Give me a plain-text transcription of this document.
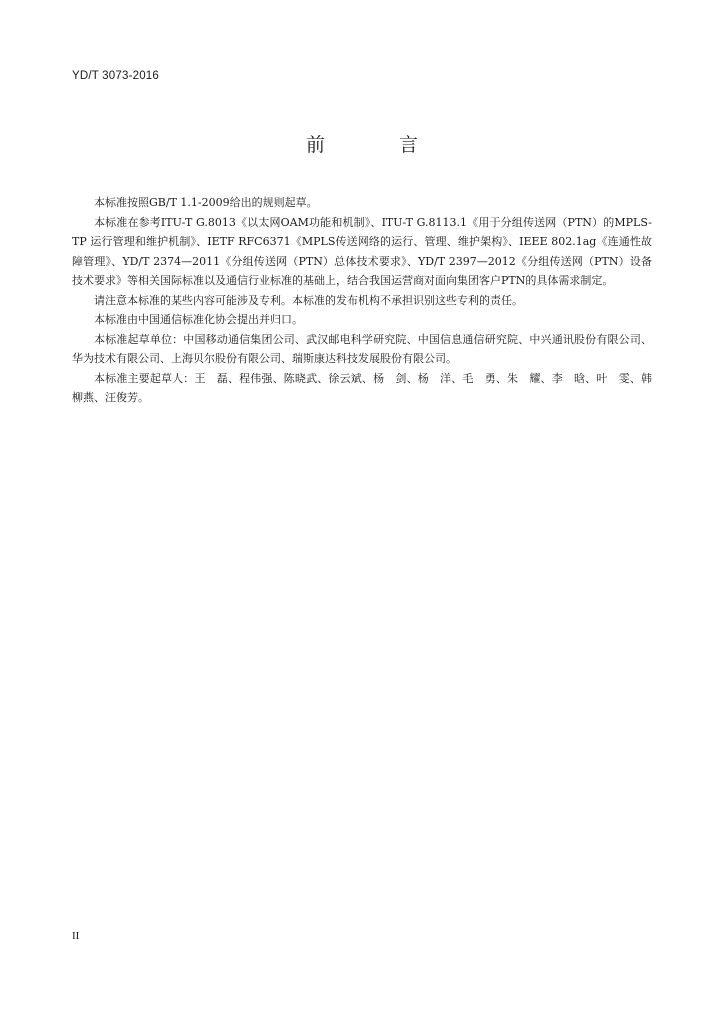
YD/T 3073-2016
前 言

本标准按照GB/T 1.1-2009给出的规则起草。

本标准在参考ITU-T G.8013《以太网OAM功能和机制》、ITU-T G.8113.1《用于分组传送网（PTN）的MPLS-TP 运行管理和维护机制》、IETF RFC6371《MPLS传送网络的运行、管理、维护架构》、IEEE 802.1ag《连通性故障管理》、YD/T 2374—2011《分组传送网（PTN）总体技术要求》、YD/T 2397—2012《分组传送网（PTN）设备技术要求》等相关国际标准以及通信行业标准的基础上，结合我国运营商对面向集团客户PTN的具体需求制定。

请注意本标准的某些内容可能涉及专利。本标准的发布机构不承担识别这些专利的责任。

本标准由中国通信标准化协会提出并归口。

本标准起草单位：中国移动通信集团公司、武汉邮电科学研究院、中国信息通信研究院、中兴通讯股份有限公司、华为技术有限公司、上海贝尔股份有限公司、瑞斯康达科技发展股份有限公司。

本标准主要起草人：王　磊、程伟强、陈晓武、徐云斌、杨　剑、杨　洋、毛　勇、朱　耀、李　晗、叶　雯、韩柳燕、汪俊芳。

II
